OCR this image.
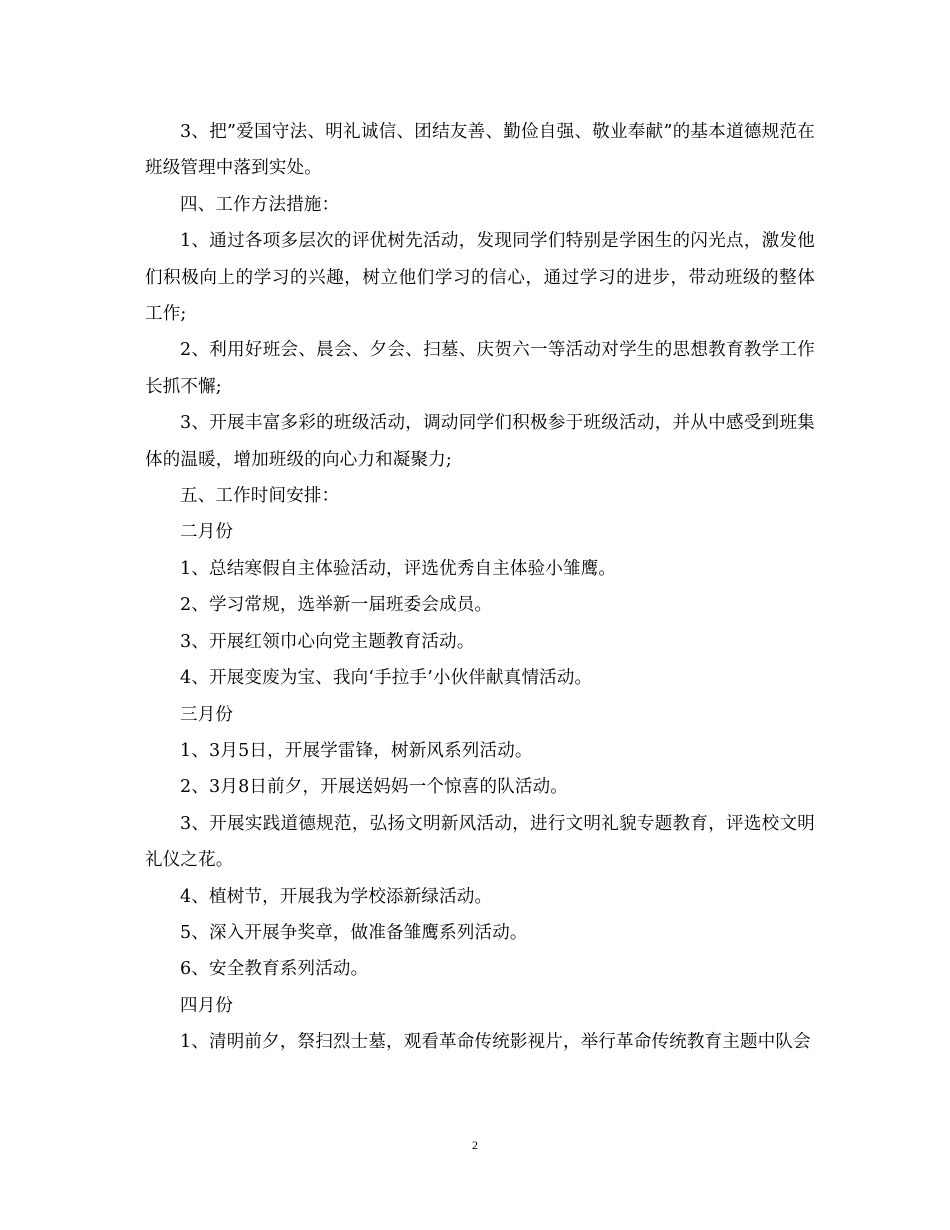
3、把”爱国守法、明礼诚信、团结友善、勤俭自强、敬业奉献”的基本道德规范在班级管理中落到实处。

四、工作方法措施：

1、通过各项多层次的评优树先活动，发现同学们特别是学困生的闪光点，激发他们积极向上的学习的兴趣，树立他们学习的信心，通过学习的进步，带动班级的整体工作;

2、利用好班会、晨会、夕会、扫墓、庆贺六一等活动对学生的思想教育教学工作长抓不懈;

3、开展丰富多彩的班级活动，调动同学们积极参于班级活动，并从中感受到班集体的温暖，增加班级的向心力和凝聚力;

五、工作时间安排：

二月份

1、总结寒假自主体验活动，评选优秀自主体验小雏鹰。

2、学习常规，选举新一届班委会成员。

3、开展红领巾心向党主题教育活动。

4、开展变废为宝、我向‘手拉手’小伙伴献真情活动。

三月份

1、3月5日，开展学雷锋，树新风系列活动。

2、3月8日前夕，开展送妈妈一个惊喜的队活动。

3、开展实践道德规范，弘扬文明新风活动，进行文明礼貌专题教育，评选校文明礼仪之花。

4、植树节，开展我为学校添新绿活动。

5、深入开展争奖章，做准备雏鹰系列活动。

6、安全教育系列活动。

四月份

1、清明前夕，祭扫烈士墓，观看革命传统影视片，举行革命传统教育主题中队会

2
